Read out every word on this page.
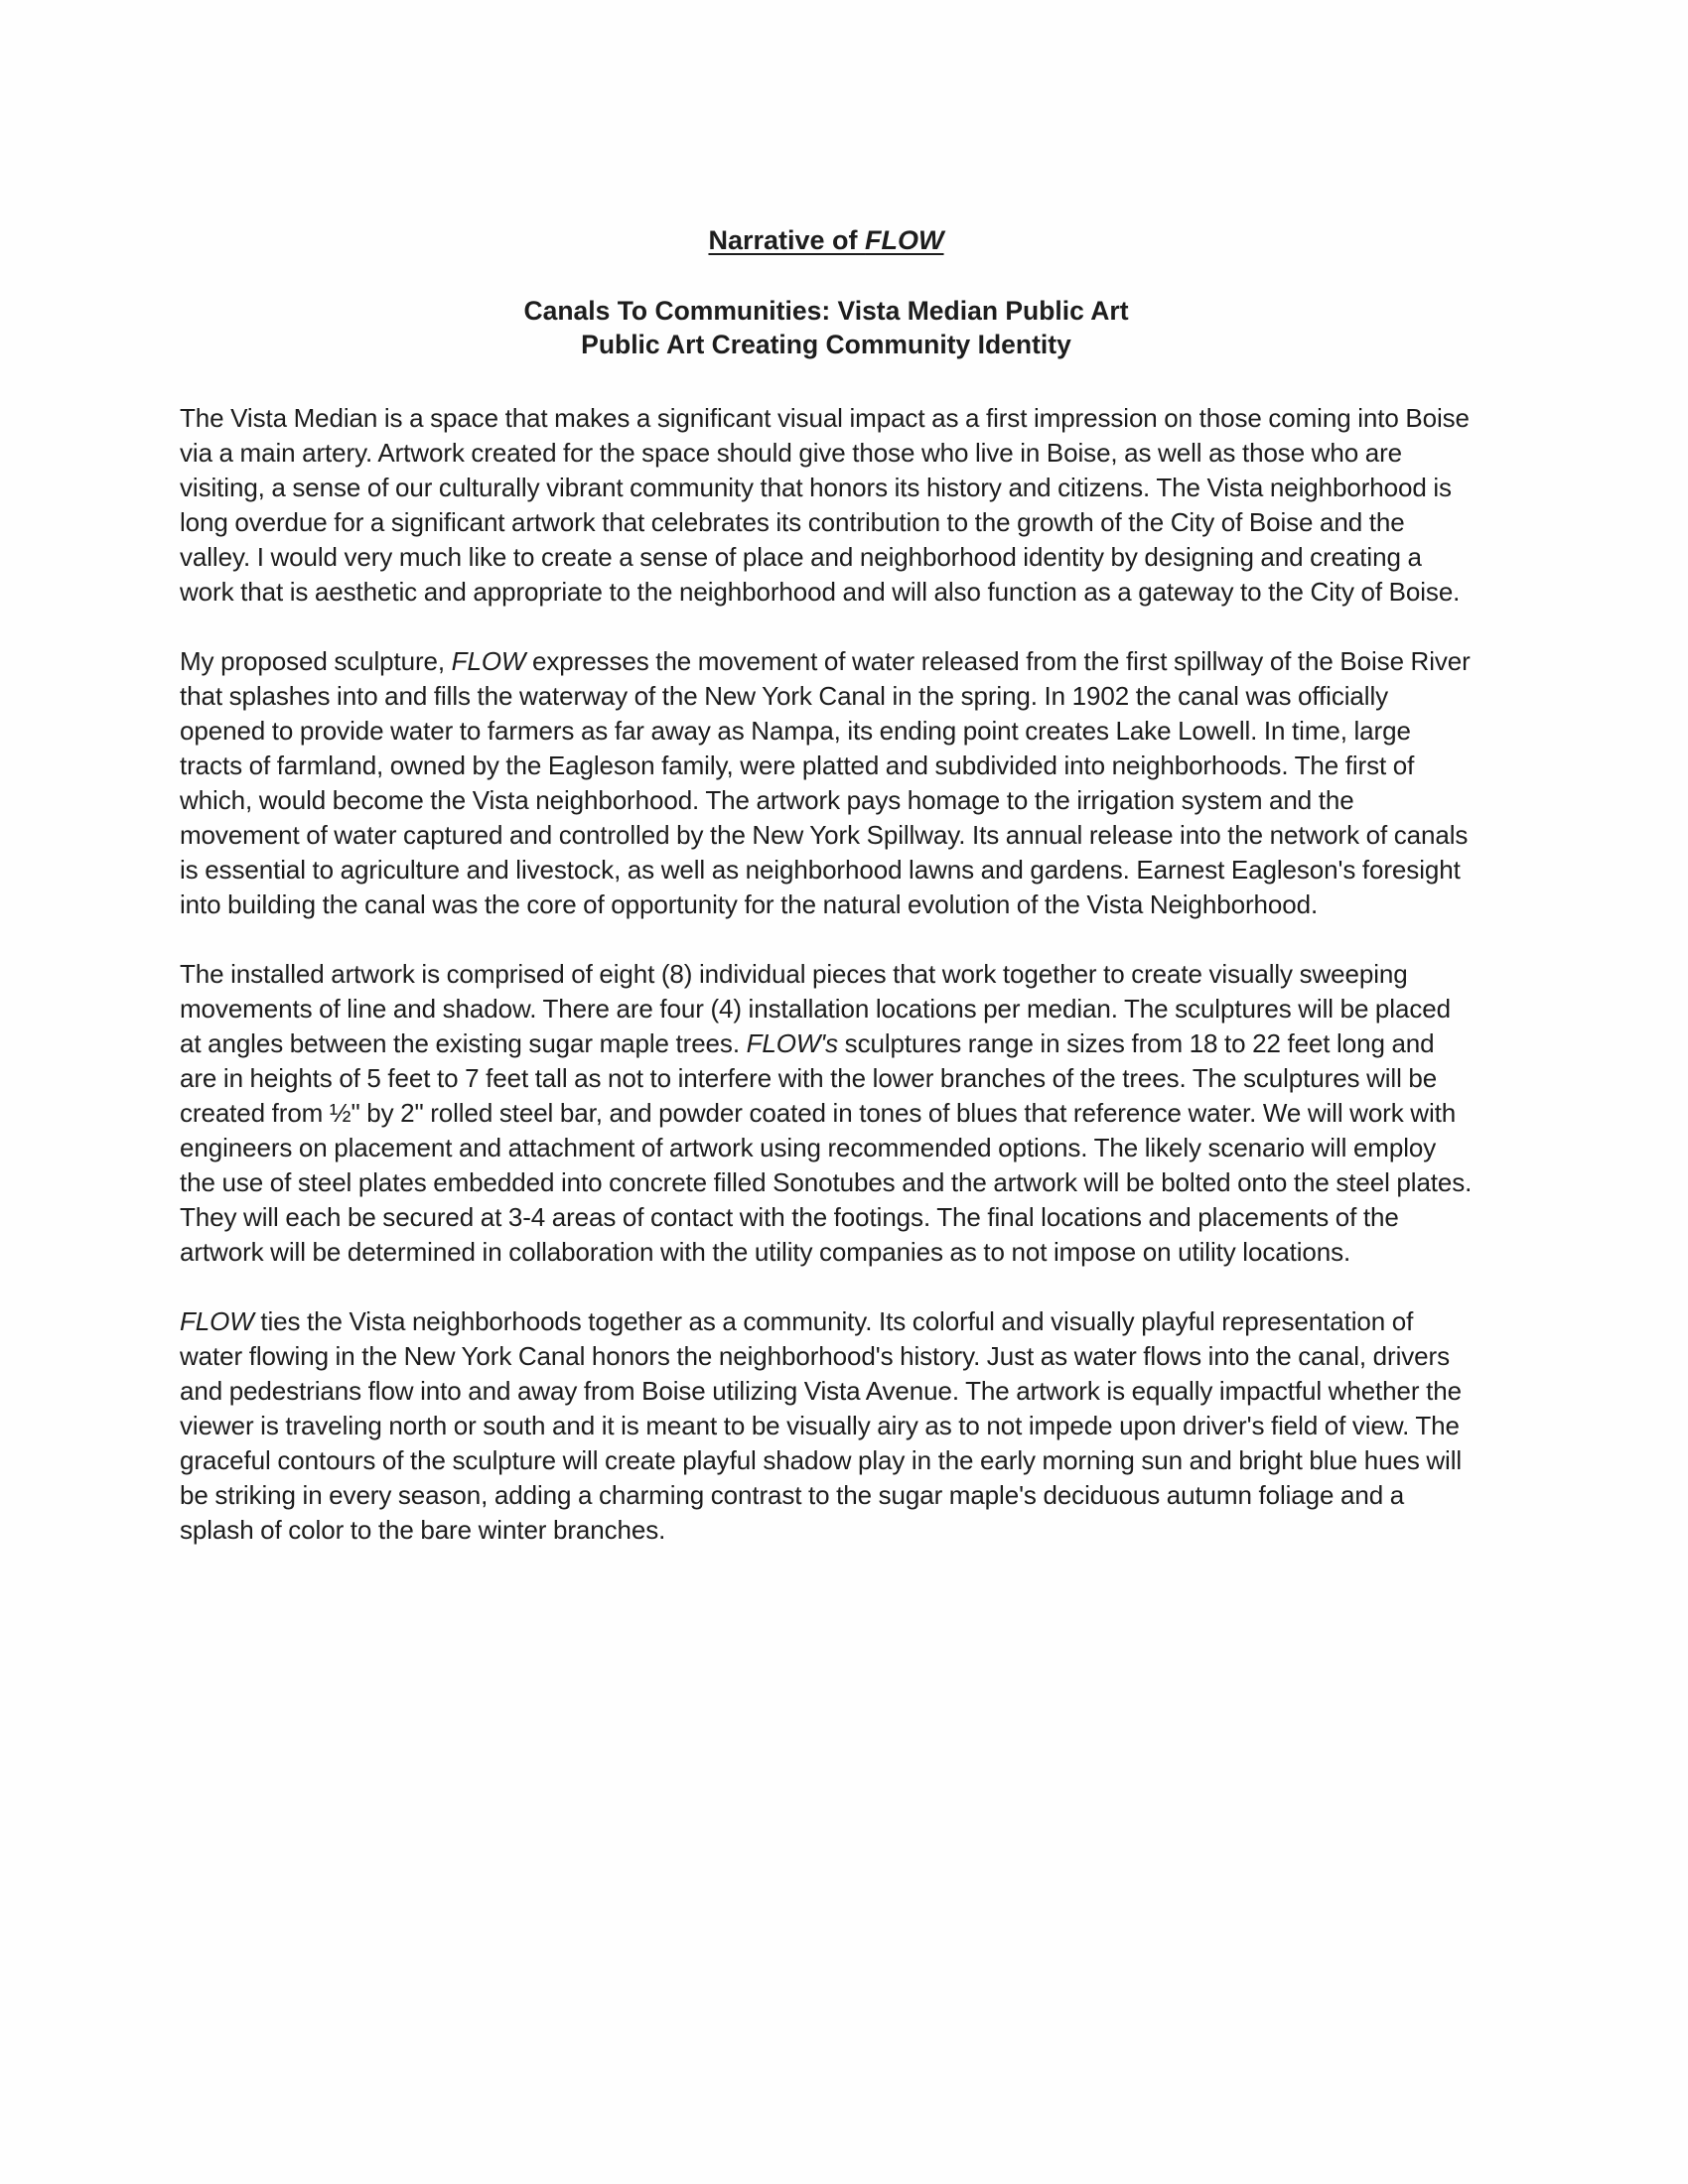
Narrative of FLOW

Canals To Communities: Vista Median Public Art

Public Art Creating Community Identity

The Vista Median is a space that makes a significant visual impact as a first impression on those coming into Boise via a main artery. Artwork created for the space should give those who live in Boise, as well as those who are visiting, a sense of our culturally vibrant community that honors its history and citizens. The Vista neighborhood is long overdue for a significant artwork that celebrates its contribution to the growth of the City of Boise and the valley. I would very much like to create a sense of place and neighborhood identity by designing and creating a work that is aesthetic and appropriate to the neighborhood and will also function as a gateway to the City of Boise.

My proposed sculpture, FLOW expresses the movement of water released from the first spillway of the Boise River that splashes into and fills the waterway of the New York Canal in the spring. In 1902 the canal was officially opened to provide water to farmers as far away as Nampa, its ending point creates Lake Lowell. In time, large tracts of farmland, owned by the Eagleson family, were platted and subdivided into neighborhoods. The first of which, would become the Vista neighborhood. The artwork pays homage to the irrigation system and the movement of water captured and controlled by the New York Spillway. Its annual release into the network of canals is essential to agriculture and livestock, as well as neighborhood lawns and gardens. Earnest Eagleson's foresight into building the canal was the core of opportunity for the natural evolution of the Vista Neighborhood.

The installed artwork is comprised of eight (8) individual pieces that work together to create visually sweeping movements of line and shadow. There are four (4) installation locations per median. The sculptures will be placed at angles between the existing sugar maple trees. FLOW's sculptures range in sizes from 18 to 22 feet long and are in heights of 5 feet to 7 feet tall as not to interfere with the lower branches of the trees. The sculptures will be created from ½" by 2" rolled steel bar, and powder coated in tones of blues that reference water. We will work with engineers on placement and attachment of artwork using recommended options. The likely scenario will employ the use of steel plates embedded into concrete filled Sonotubes and the artwork will be bolted onto the steel plates. They will each be secured at 3-4 areas of contact with the footings. The final locations and placements of the artwork will be determined in collaboration with the utility companies as to not impose on utility locations.

FLOW ties the Vista neighborhoods together as a community. Its colorful and visually playful representation of water flowing in the New York Canal honors the neighborhood's history. Just as water flows into the canal, drivers and pedestrians flow into and away from Boise utilizing Vista Avenue. The artwork is equally impactful whether the viewer is traveling north or south and it is meant to be visually airy as to not impede upon driver's field of view. The graceful contours of the sculpture will create playful shadow play in the early morning sun and bright blue hues will be striking in every season, adding a charming contrast to the sugar maple's deciduous autumn foliage and a splash of color to the bare winter branches.
